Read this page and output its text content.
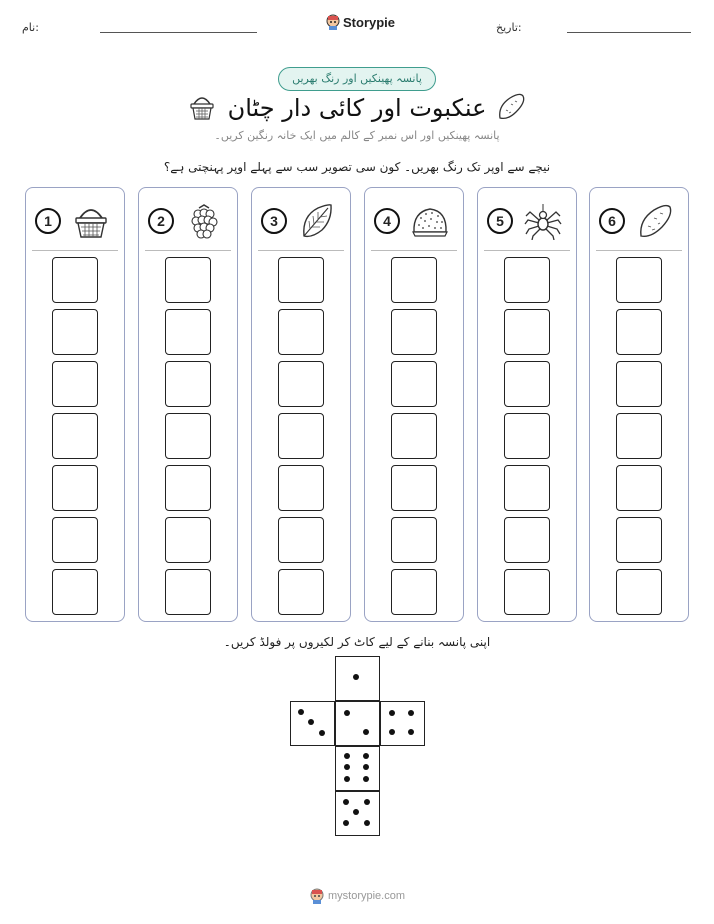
نام:	Storypie	تاریخ:
پانسہ پھینکیں اور رنگ بھریں
عنکبوت اور کائی دار چٹان
پانسہ پھینکیں اور اس نمبر کے کالم میں ایک خانہ رنگین کریں۔
نیچے سے اوپر تک رنگ بھریں۔ کون سی تصویر سب سے پہلے اوپر پہنچتی ہے؟
1	2	3	4	5	6
اپنی پانسہ بنانے کے لیے کاٹ کر لکیروں پر فولڈ کریں۔
mystorypie.com
